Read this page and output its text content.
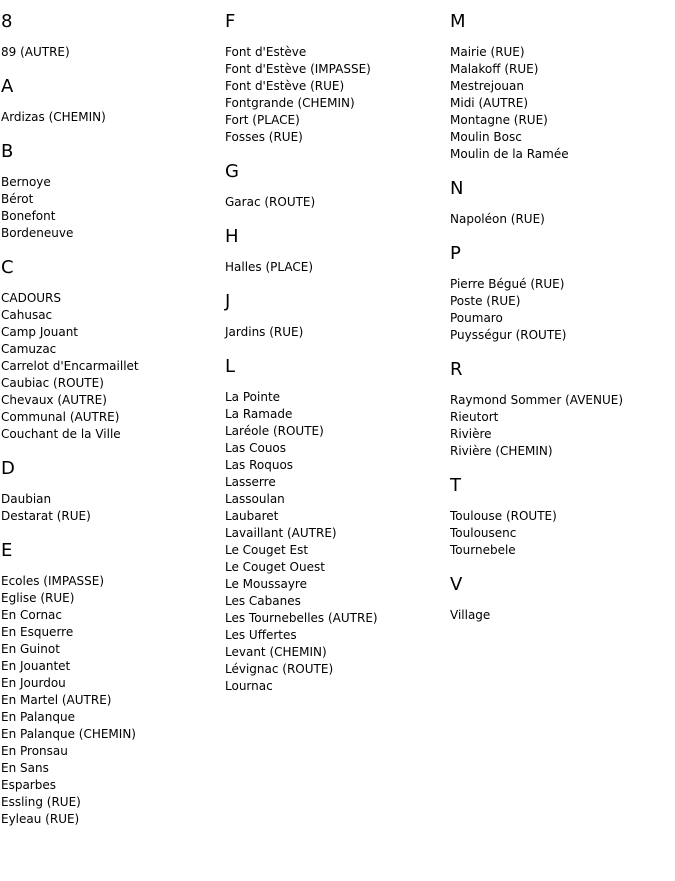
8
89 (AUTRE)
A
Ardizas (CHEMIN)
B
Bernoye
Bérot
Bonefont
Bordeneuve
C
CADOURS
Cahusac
Camp Jouant
Camuzac
Carrelot d'Encarmaillet
Caubiac (ROUTE)
Chevaux (AUTRE)
Communal (AUTRE)
Couchant de la Ville
D
Daubian
Destarat (RUE)
E
Ecoles (IMPASSE)
Eglise (RUE)
En Cornac
En Esquerre
En Guinot
En Jouantet
En Jourdou
En Martel (AUTRE)
En Palanque
En Palanque (CHEMIN)
En Pronsau
En Sans
Esparbes
Essling (RUE)
Eyleau (RUE)
F
Font d'Estève
Font d'Estève (IMPASSE)
Font d'Estève (RUE)
Fontgrande (CHEMIN)
Fort (PLACE)
Fosses (RUE)
G
Garac (ROUTE)
H
Halles (PLACE)
J
Jardins (RUE)
L
La Pointe
La Ramade
Laréole (ROUTE)
Las Couos
Las Roquos
Lasserre
Lassoulan
Laubaret
Lavaillant (AUTRE)
Le Couget Est
Le Couget Ouest
Le Moussayre
Les Cabanes
Les Tournebelles (AUTRE)
Les Uffertes
Levant (CHEMIN)
Lévignac (ROUTE)
Lournac
M
Mairie (RUE)
Malakoff (RUE)
Mestrejouan
Midi (AUTRE)
Montagne (RUE)
Moulin Bosc
Moulin de la Ramée
N
Napoléon (RUE)
P
Pierre Bégué (RUE)
Poste (RUE)
Poumaro
Puysségur (ROUTE)
R
Raymond Sommer (AVENUE)
Rieutort
Rivière
Rivière (CHEMIN)
T
Toulouse (ROUTE)
Toulousenc
Tournebele
V
Village
